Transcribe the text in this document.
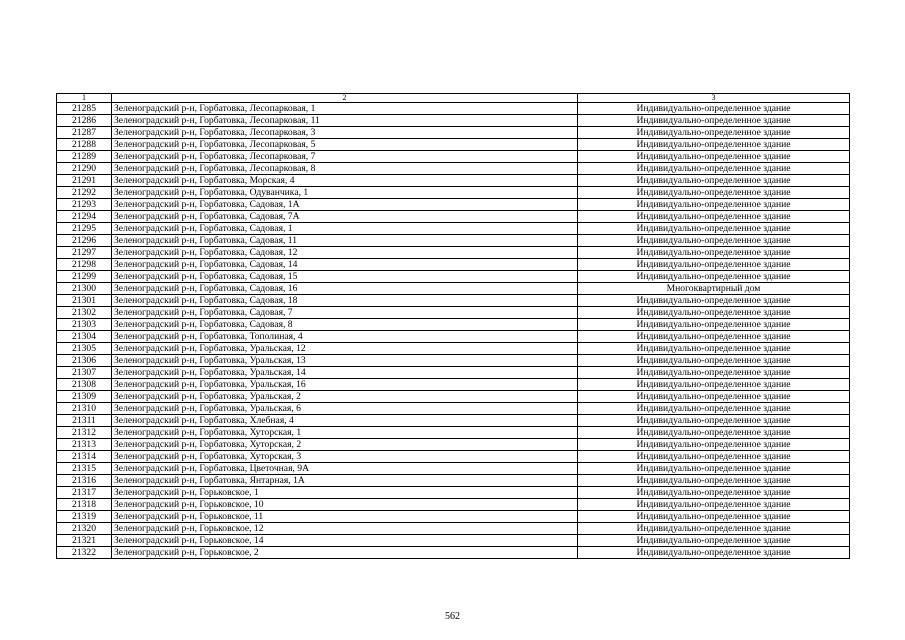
1	2	3
21285	Зеленоградский р-н, Горбатовка, Лесопарковая, 1	Индивидуально-определенное здание
21286	Зеленоградский р-н, Горбатовка, Лесопарковая, 11	Индивидуально-определенное здание
21287	Зеленоградский р-н, Горбатовка, Лесопарковая, 3	Индивидуально-определенное здание
21288	Зеленоградский р-н, Горбатовка, Лесопарковая, 5	Индивидуально-определенное здание
21289	Зеленоградский р-н, Горбатовка, Лесопарковая, 7	Индивидуально-определенное здание
21290	Зеленоградский р-н, Горбатовка, Лесопарковая, 8	Индивидуально-определенное здание
21291	Зеленоградский р-н, Горбатовка, Морская, 4	Индивидуально-определенное здание
21292	Зеленоградский р-н, Горбатовка, Одуванчика, 1	Индивидуально-определенное здание
21293	Зеленоградский р-н, Горбатовка, Садовая, 1А	Индивидуально-определенное здание
21294	Зеленоградский р-н, Горбатовка, Садовая, 7А	Индивидуально-определенное здание
21295	Зеленоградский р-н, Горбатовка, Садовая, 1	Индивидуально-определенное здание
21296	Зеленоградский р-н, Горбатовка, Садовая, 11	Индивидуально-определенное здание
21297	Зеленоградский р-н, Горбатовка, Садовая, 12	Индивидуально-определенное здание
21298	Зеленоградский р-н, Горбатовка, Садовая, 14	Индивидуально-определенное здание
21299	Зеленоградский р-н, Горбатовка, Садовая, 15	Индивидуально-определенное здание
21300	Зеленоградский р-н, Горбатовка, Садовая, 16	Многоквартирный дом
21301	Зеленоградский р-н, Горбатовка, Садовая, 18	Индивидуально-определенное здание
21302	Зеленоградский р-н, Горбатовка, Садовая, 7	Индивидуально-определенное здание
21303	Зеленоградский р-н, Горбатовка, Садовая, 8	Индивидуально-определенное здание
21304	Зеленоградский р-н, Горбатовка, Тополиная, 4	Индивидуально-определенное здание
21305	Зеленоградский р-н, Горбатовка, Уральская, 12	Индивидуально-определенное здание
21306	Зеленоградский р-н, Горбатовка, Уральская, 13	Индивидуально-определенное здание
21307	Зеленоградский р-н, Горбатовка, Уральская, 14	Индивидуально-определенное здание
21308	Зеленоградский р-н, Горбатовка, Уральская, 16	Индивидуально-определенное здание
21309	Зеленоградский р-н, Горбатовка, Уральская, 2	Индивидуально-определенное здание
21310	Зеленоградский р-н, Горбатовка, Уральская, 6	Индивидуально-определенное здание
21311	Зеленоградский р-н, Горбатовка, Хлебная, 4	Индивидуально-определенное здание
21312	Зеленоградский р-н, Горбатовка, Хуторская, 1	Индивидуально-определенное здание
21313	Зеленоградский р-н, Горбатовка, Хуторская, 2	Индивидуально-определенное здание
21314	Зеленоградский р-н, Горбатовка, Хуторская, 3	Индивидуально-определенное здание
21315	Зеленоградский р-н, Горбатовка, Цветочная, 9А	Индивидуально-определенное здание
21316	Зеленоградский р-н, Горбатовка, Янтарная, 1А	Индивидуально-определенное здание
21317	Зеленоградский р-н, Горьковское, 1	Индивидуально-определенное здание
21318	Зеленоградский р-н, Горьковское, 10	Индивидуально-определенное здание
21319	Зеленоградский р-н, Горьковское, 11	Индивидуально-определенное здание
21320	Зеленоградский р-н, Горьковское, 12	Индивидуально-определенное здание
21321	Зеленоградский р-н, Горьковское, 14	Индивидуально-определенное здание
21322	Зеленоградский р-н, Горьковское, 2	Индивидуально-определенное здание
562
